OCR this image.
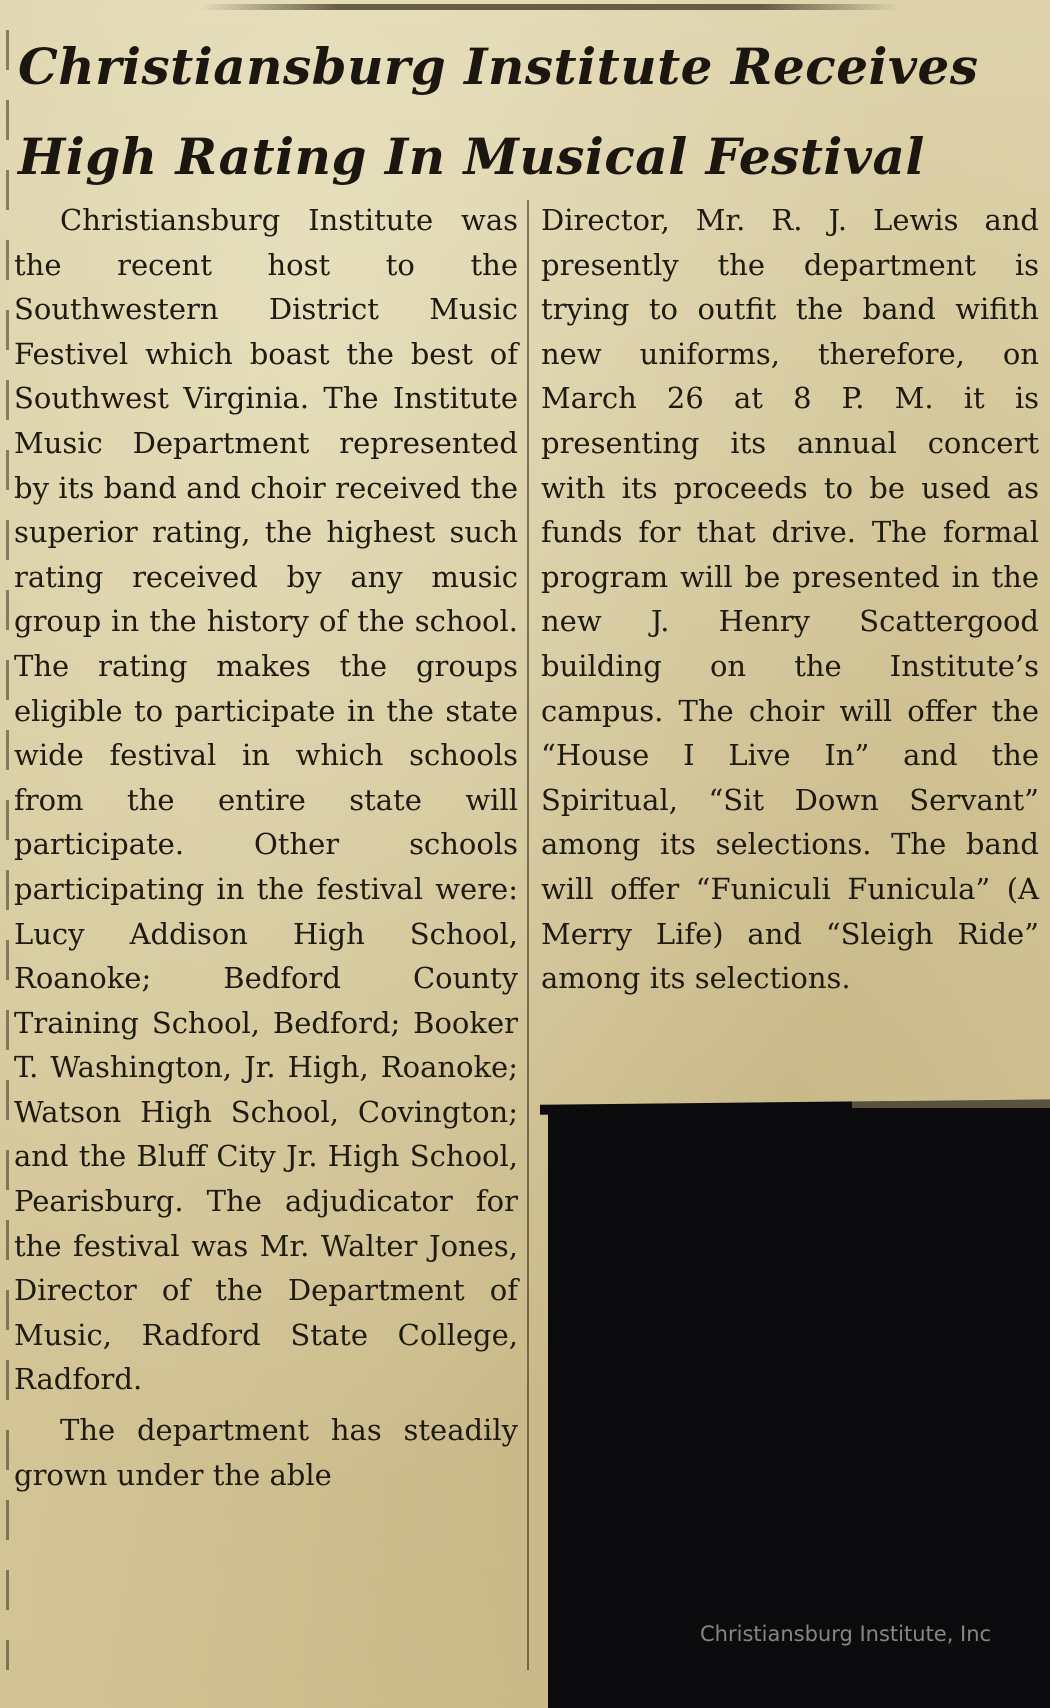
Christiansburg Institute Receives
High Rating In Musical Festival

Christiansburg Institute was the recent host to the Southwestern District Music Festivel which boast the best of Southwest Virginia. The Institute Music Department represented by its band and choir received the superior rating, the highest such rating received by any music group in the history of the school. The rating makes the groups eligible to participate in the state wide festival in which schools from the entire state will participate. Other schools participating in the festival were: Lucy Addison High School, Roanoke; Bedford County Training School, Bedford; Booker T. Washington, Jr. High, Roanoke; Watson High School, Covington; and the Bluff City Jr. High School, Pearisburg. The adjudicator for the festival was Mr. Walter Jones, Director of the Department of Music, Radford State College, Radford.

The department has steadily grown under the able

Director, Mr. R. J. Lewis and presently the department is trying to outfit the band wifith new uniforms, therefore, on March 26 at 8 P. M. it is presenting its annual concert with its proceeds to be used as funds for that drive. The formal program will be presented in the new J. Henry Scattergood building on the Institute’s campus. The choir will offer the “House I Live In” and the Spiritual, “Sit Down Servant” among its selections. The band will offer “Funiculi Funicula” (A Merry Life) and “Sleigh Ride” among its selections.

Christiansburg Institute, Inc
